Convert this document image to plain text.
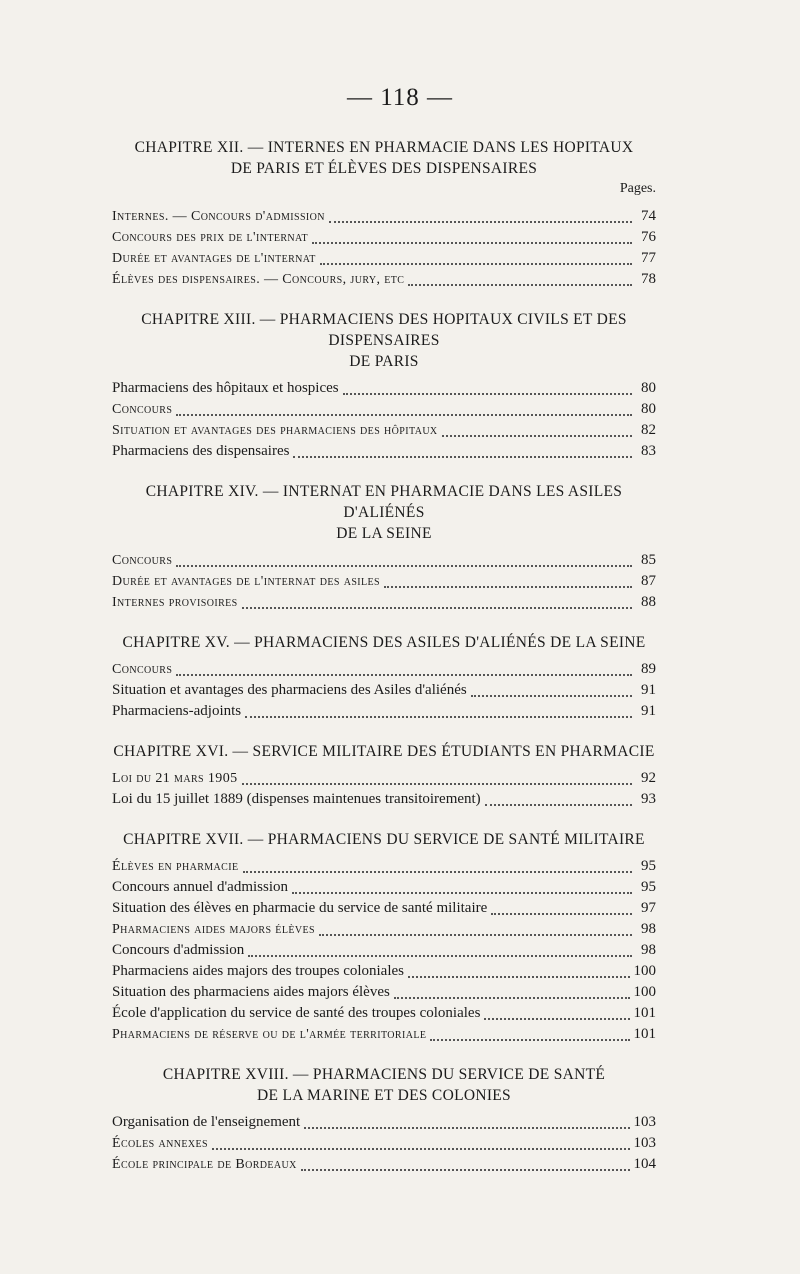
— 118 —

CHAPITRE XII. — INTERNES EN PHARMACIE DANS LES HOPITAUX

DE PARIS ET ÉLÈVES DES DISPENSAIRES

Pages.
Internes. — Concours d'admission	74
Concours des prix de l'internat	76
Durée et avantages de l'internat	77
Élèves des dispensaires. — Concours, jury, etc	78

CHAPITRE XIII. — PHARMACIENS DES HOPITAUX CIVILS ET DES DISPENSAIRES

DE PARIS

Pharmaciens des hôpitaux et hospices	80
Concours	80
Situation et avantages des pharmaciens des hôpitaux	82
Pharmaciens des dispensaires	83

CHAPITRE XIV. — INTERNAT EN PHARMACIE DANS LES ASILES D'ALIÉNÉS

DE LA SEINE

Concours	85
Durée et avantages de l'internat des asiles	87
Internes provisoires	88

CHAPITRE XV. — PHARMACIENS DES ASILES D'ALIÉNÉS DE LA SEINE

Concours	89
Situation et avantages des pharmaciens des Asiles d'aliénés	91
Pharmaciens-adjoints	91

CHAPITRE XVI. — SERVICE MILITAIRE DES ÉTUDIANTS EN PHARMACIE

Loi du 21 mars 1905	92
Loi du 15 juillet 1889 (dispenses maintenues transitoirement)	93

CHAPITRE XVII. — PHARMACIENS DU SERVICE DE SANTÉ MILITAIRE

Élèves en pharmacie	95
Concours annuel d'admission	95
Situation des élèves en pharmacie du service de santé militaire	97
Pharmaciens aides majors élèves	98
Concours d'admission	98
Pharmaciens aides majors des troupes coloniales	100
Situation des pharmaciens aides majors élèves	100
École d'application du service de santé des troupes coloniales	101
Pharmaciens de réserve ou de l'armée territoriale	101

CHAPITRE XVIII. — PHARMACIENS DU SERVICE DE SANTÉ

DE LA MARINE ET DES COLONIES

Organisation de l'enseignement	103
Écoles annexes	103
École principale de Bordeaux	104
